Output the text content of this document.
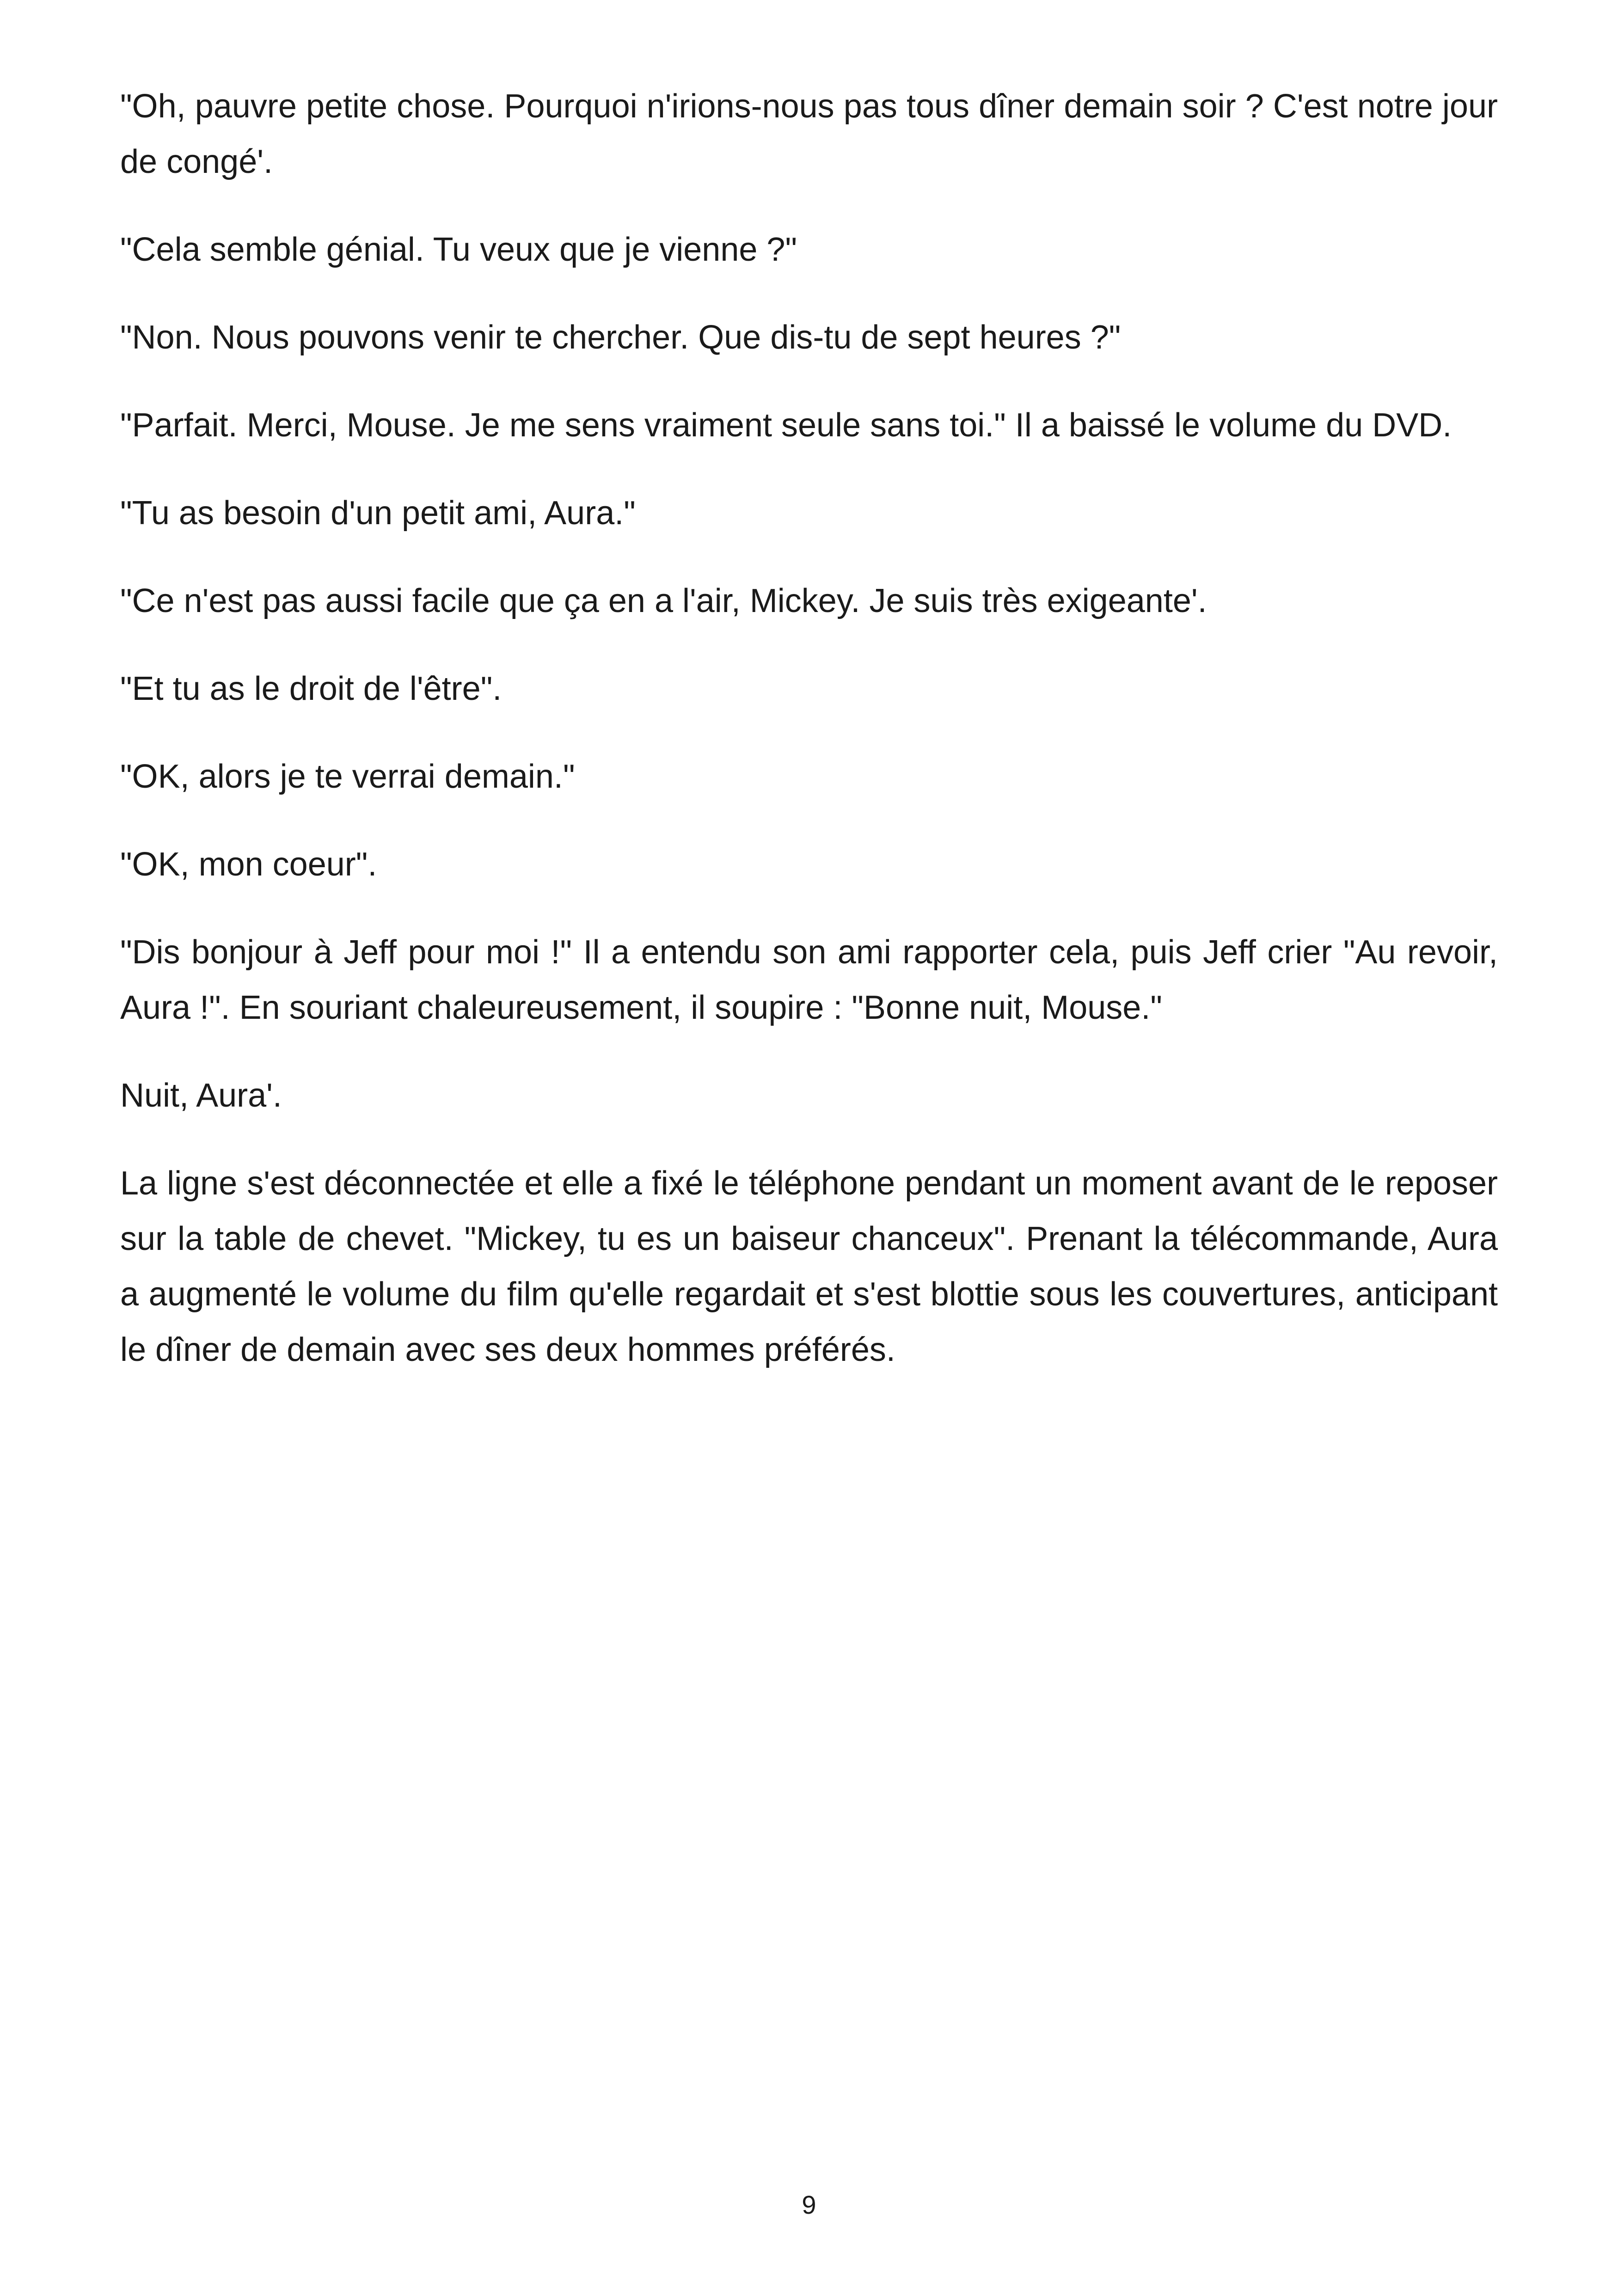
"Oh, pauvre petite chose. Pourquoi n'irions-nous pas tous dîner demain soir ? C'est notre jour de congé'.

"Cela semble génial. Tu veux que je vienne ?"

"Non. Nous pouvons venir te chercher. Que dis-tu de sept heures ?"

"Parfait. Merci, Mouse. Je me sens vraiment seule sans toi." Il a baissé le volume du DVD.

"Tu as besoin d'un petit ami, Aura."

"Ce n'est pas aussi facile que ça en a l'air, Mickey. Je suis très exigeante'.

"Et tu as le droit de l'être".

"OK, alors je te verrai demain."

"OK, mon coeur".

"Dis bonjour à Jeff pour moi !" Il a entendu son ami rapporter cela, puis Jeff crier "Au revoir, Aura !". En souriant chaleureusement, il soupire : "Bonne nuit, Mouse."

Nuit, Aura'.

La ligne s'est déconnectée et elle a fixé le téléphone pendant un moment avant de le reposer sur la table de chevet. "Mickey, tu es un baiseur chanceux". Prenant la télécommande, Aura a augmenté le volume du film qu'elle regardait et s'est blottie sous les couvertures, anticipant le dîner de demain avec ses deux hommes préférés.

9
